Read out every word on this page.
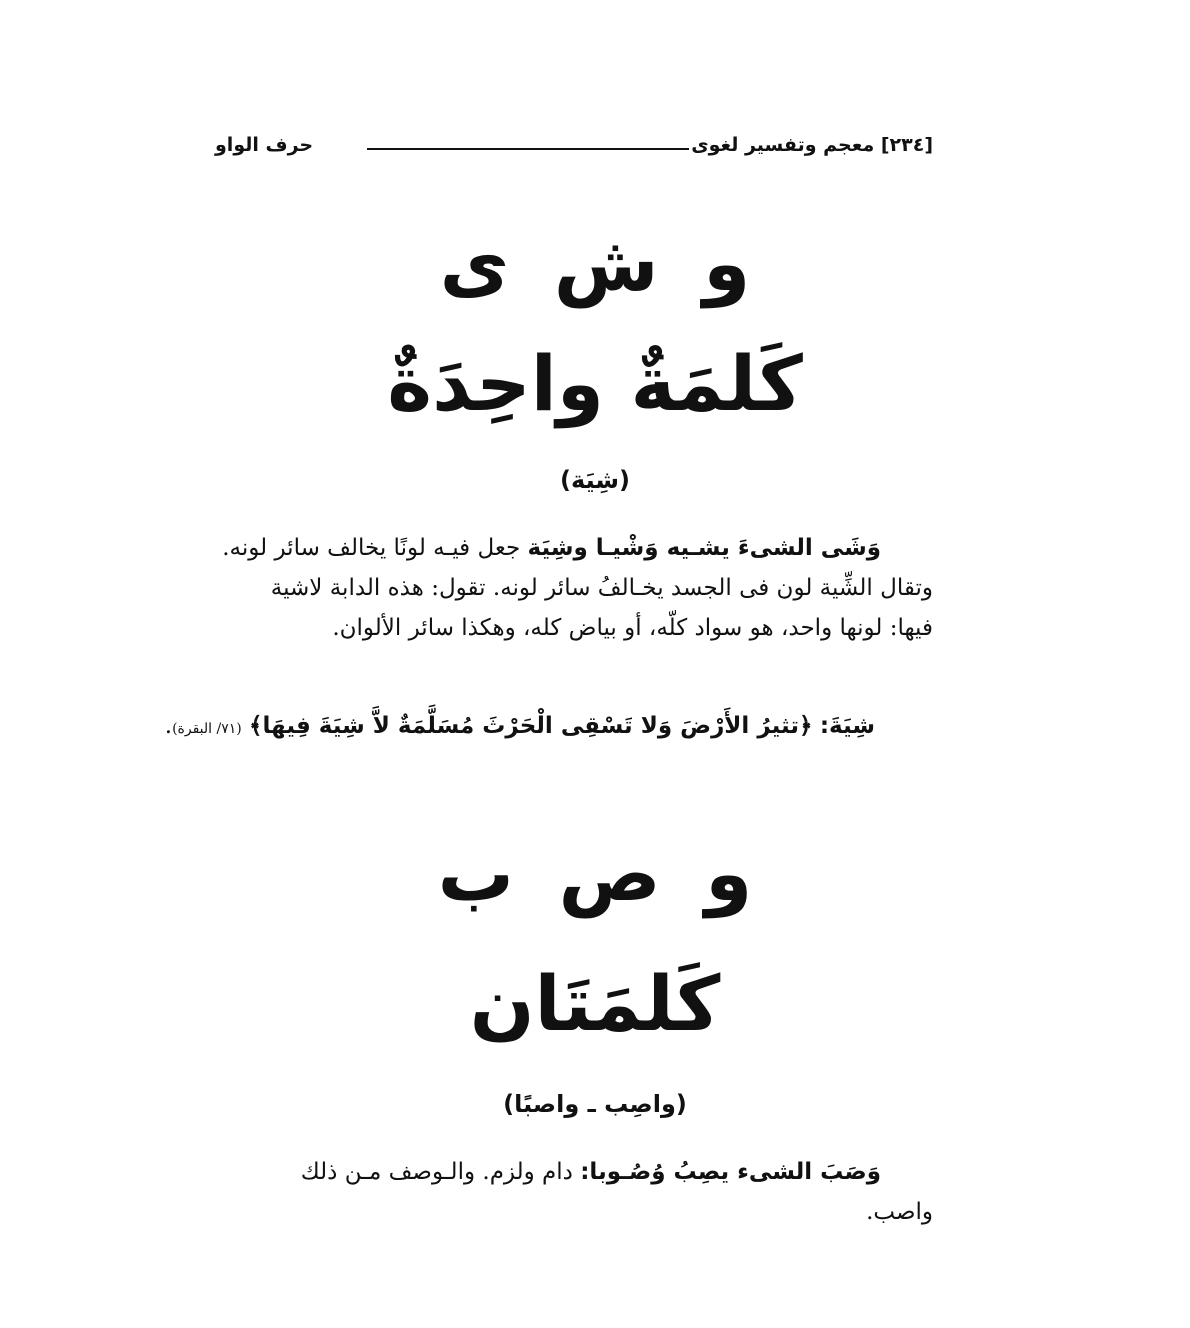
[٢٣٤] معجم وتفسير لغوى
حرف الواو
و ش ى
كَلمَةٌ واحِدَةٌ
(شِيَة)
وَشَى الشىءَ يشـيه وَشْيـا وشِيَة جعل فيـه لونًا يخالف سائر لونه.
وتقال الشِّية لون فى الجسد يخـالفُ سائر لونه. تقول: هذه الدابة لاشية
فيها: لونها واحد، هو سواد كلّه، أو بياض كله، وهكذا سائر الألوان.
شِيَةَ: ﴿تثيرُ الأَرْضَ وَلا تَسْقِى الْحَرْثَ مُسَلَّمَةٌ لاَّ شِيَةَ فِيهَا﴾ (٧١/ البقرة).
و ص ب
كَلمَتَان
(واصِب ـ واصبًا)
وَصَبَ الشىء يصِبُ وُصُـوبا: دام ولزم. والـوصف مـن ذلك
واصب.
